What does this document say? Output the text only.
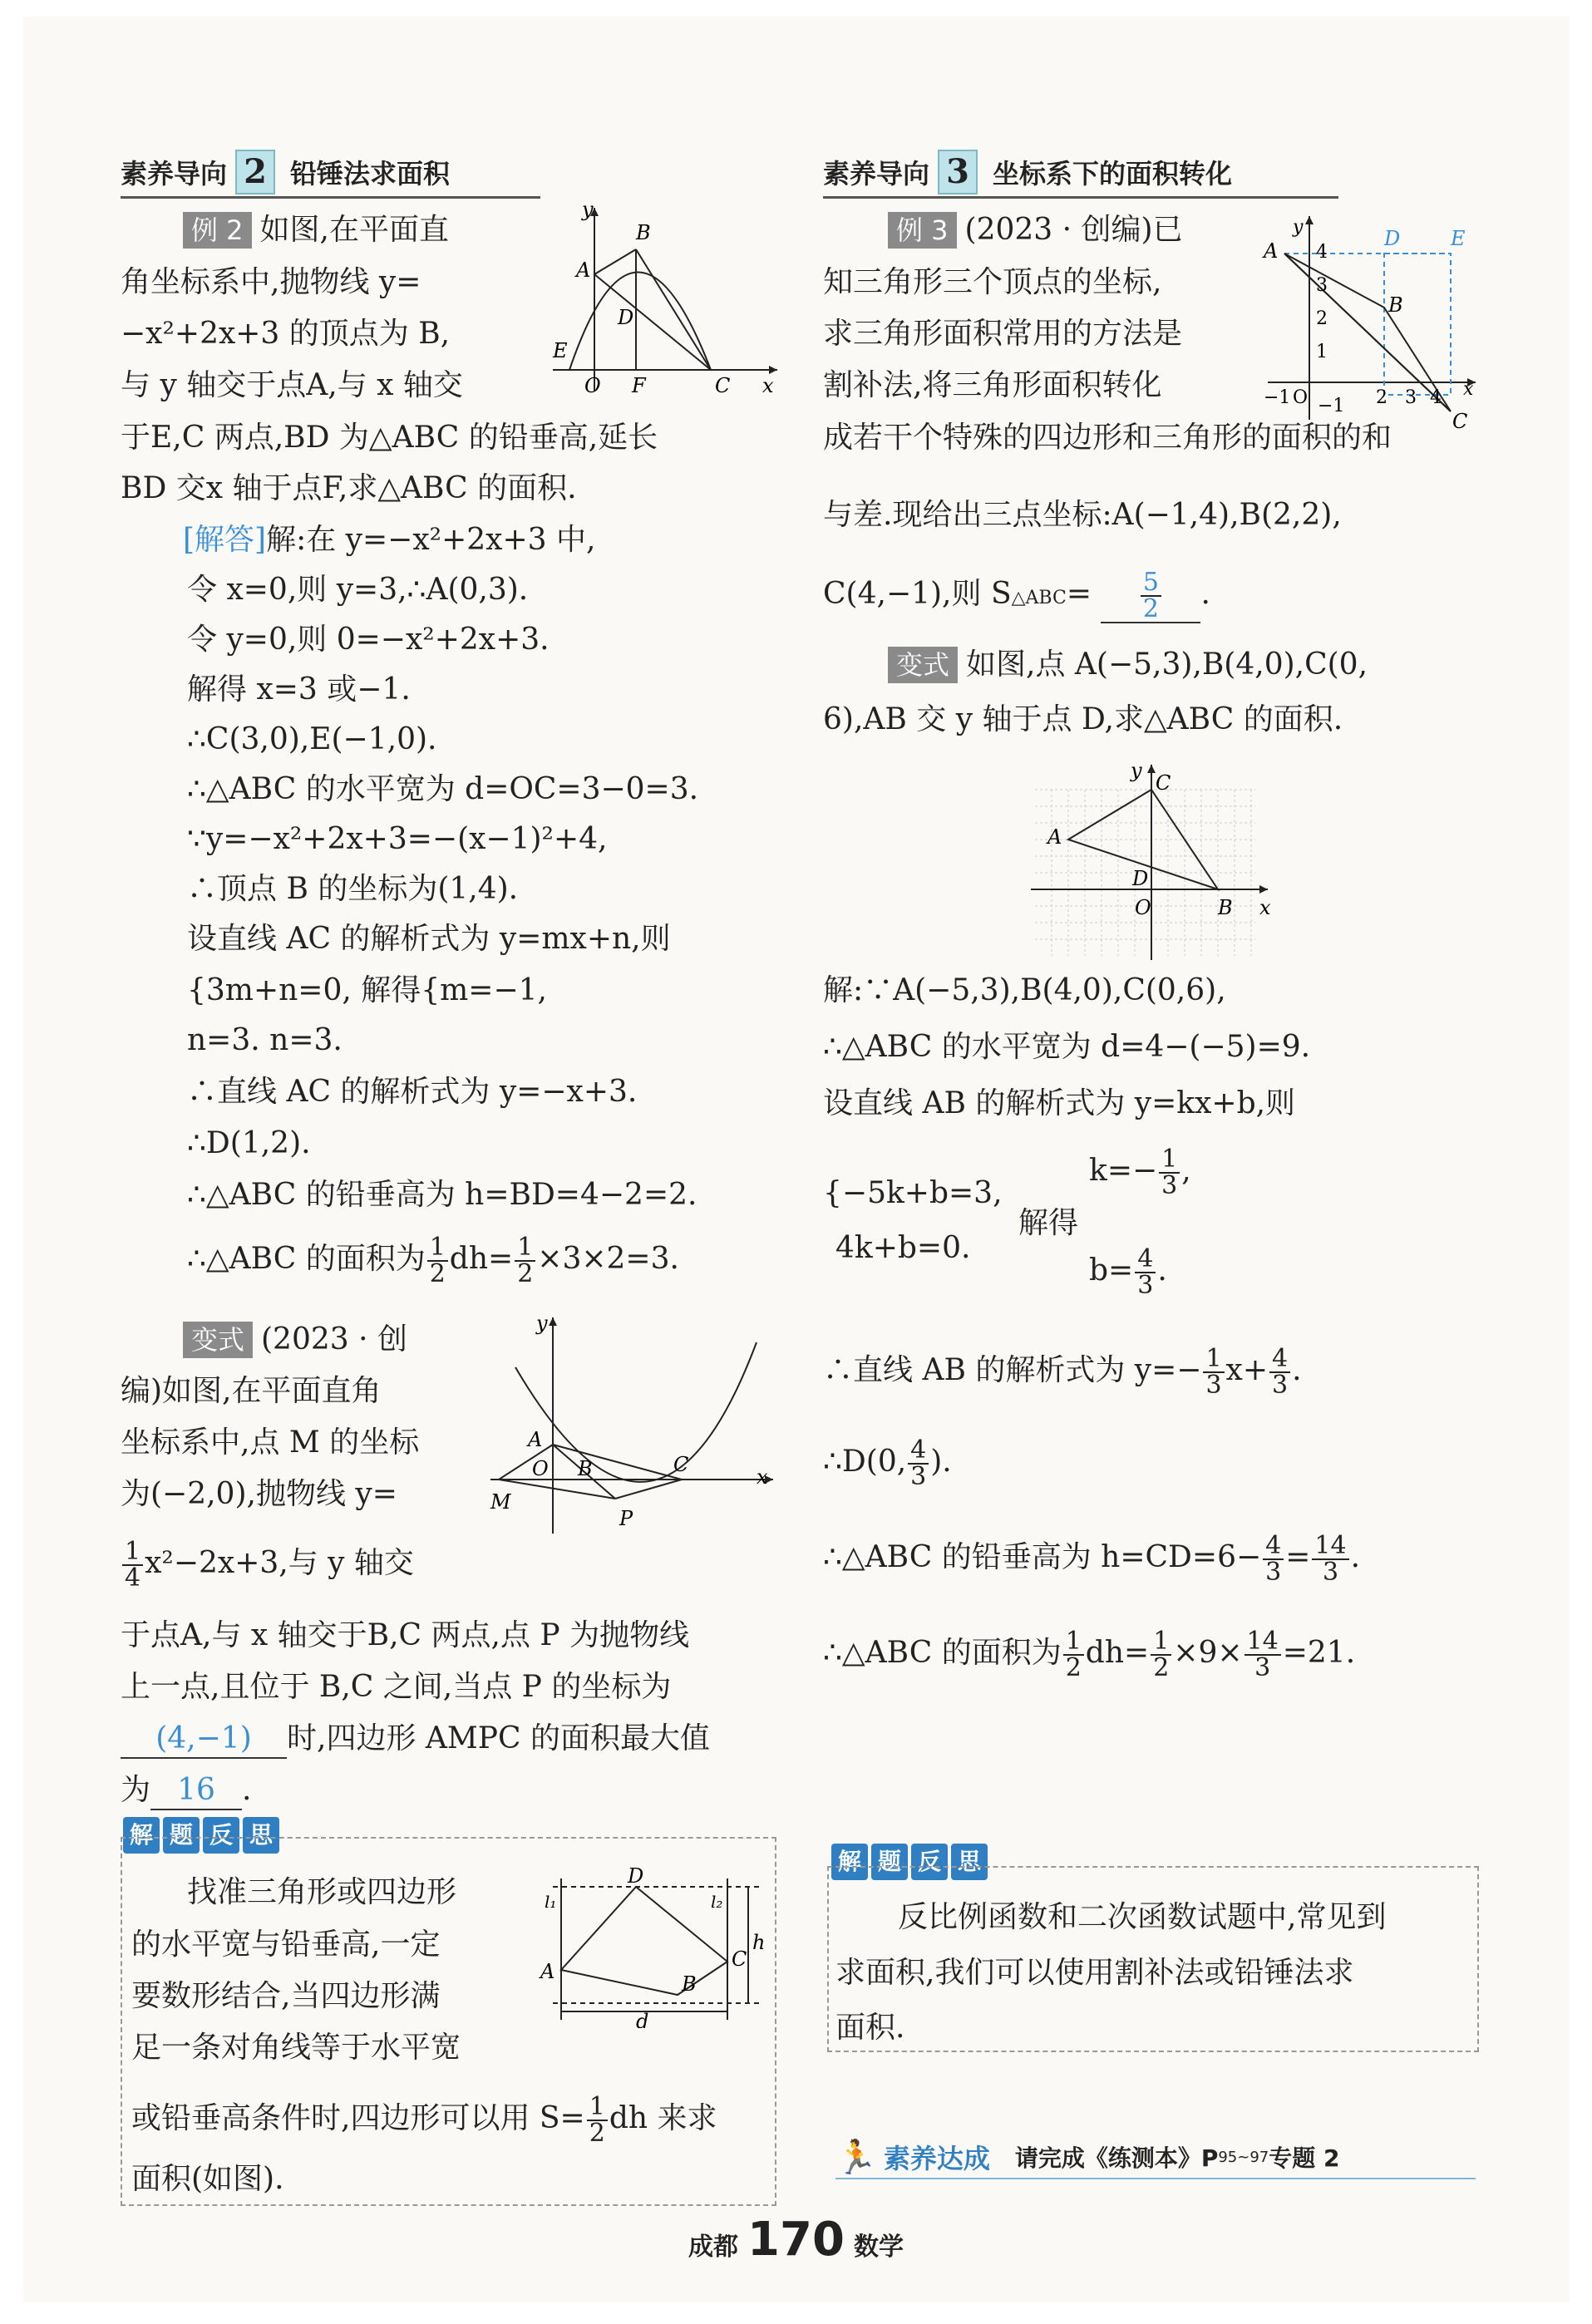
素养导向 2 铅锤法求面积
例 2 如图,在平面直
角坐标系中,抛物线 y=
−x²+2x+3 的顶点为 B,
与 y 轴交于点A,与 x 轴交
于E,C 两点,BD 为△ABC 的铅垂高,延长
BD 交x 轴于点F,求△ABC 的面积.
y
B
A
D
E
O F	C x
[解答]解:在 y=−x²+2x+3 中,
令 x=0,则 y=3,∴A(0,3).
令 y=0,则 0=−x²+2x+3.
解得 x=3 或−1.
∴C(3,0),E(−1,0).
∴△ABC 的水平宽为 d=OC=3−0=3.
∵y=−x²+2x+3=−(x−1)²+4,
∴顶点 B 的坐标为(1,4).
设直线 AC 的解析式为 y=mx+n,则
{3m+n=0, 解得{m=−1,
n=3. n=3.
∴直线 AC 的解析式为 y=−x+3.
∴D(1,2).
∴△ABC 的铅垂高为 h=BD=4−2=2.
∴△ABC 的面积为 $\frac{1}{2} dh= \frac{1}{2} \times 3\times 2=3$.
变式 (2023 · 创
编)如图,在平面直角
坐标系中,点 M 的坐标
为(−2,0),抛物线 y=
$\frac{1}{4} x^2-2x+3$,与 y 轴交
于点A,与 x 轴交于B,C 两点,点 P 为抛物线
上一点,且位于 B,C 之间,当点 P 的坐标为
(4,−1) 时,四边形 AMPC 的面积最大值
为 16 .
y
A
O B	C
x
M
P
解 题 反 思
找准三角形或四边形
的水平宽与铅垂高,一定
要数形结合,当四边形满
足一条对角线等于水平宽
或铅垂高条件时,四边形可以用 $S= \frac{1}{2}$ dh 来求
面积(如图).
D
A
B
C
d
h
l₁	l₂
素养导向 3 坐标系下的面积转化
例 3 (2023 · 创编)已
知三角形三个顶点的坐标,
求三角形面积常用的方法是
割补法,将三角形面积转化
成若干个特殊的四边形和三角形的面积的和
与差.现给出三点坐标:A(−1,4),B(2,2),
C(4,−1),则 S△ABC= $\frac{5}{2}$ .
y
A 4
3
2
1
−1 O −1 2 3 4
B
C
D	E
x
变式 如图,点 A(−5,3),B(4,0),C(0,
6),AB 交 y 轴于点 D,求△ABC 的面积.
y
C
A
D
O	B x
解:∵A(−5,3),B(4,0),C(0,6),
∴△ABC 的水平宽为 d=4−(−5)=9.
设直线 AB 的解析式为 y=kx+b,则
{−5k+b=3,
4k+b=0.
解得
$k=- \frac{1}{3}$ ,
$b= \frac{4}{3}$ .
∴直线 AB 的解析式为 $y=- \frac{1}{3} x+ \frac{4}{3}$ .
∴D(0, $\frac{4}{3}$ ).
∴△ABC 的铅垂高为 $h=CD=6- \frac{4}{3} = \frac{14}{3}$ .
∴△ABC 的面积为 $\frac{1}{2} dh= \frac{1}{2} \times 9\times \frac{14}{3} =21$.
解 题 反 思
反比例函数和二次函数试题中,常见到
求面积,我们可以使用割补法或铅锤法求
面积.
🏃 素养达成 请完成《练测本》P 95~97 专题 2
成都 170 数学
